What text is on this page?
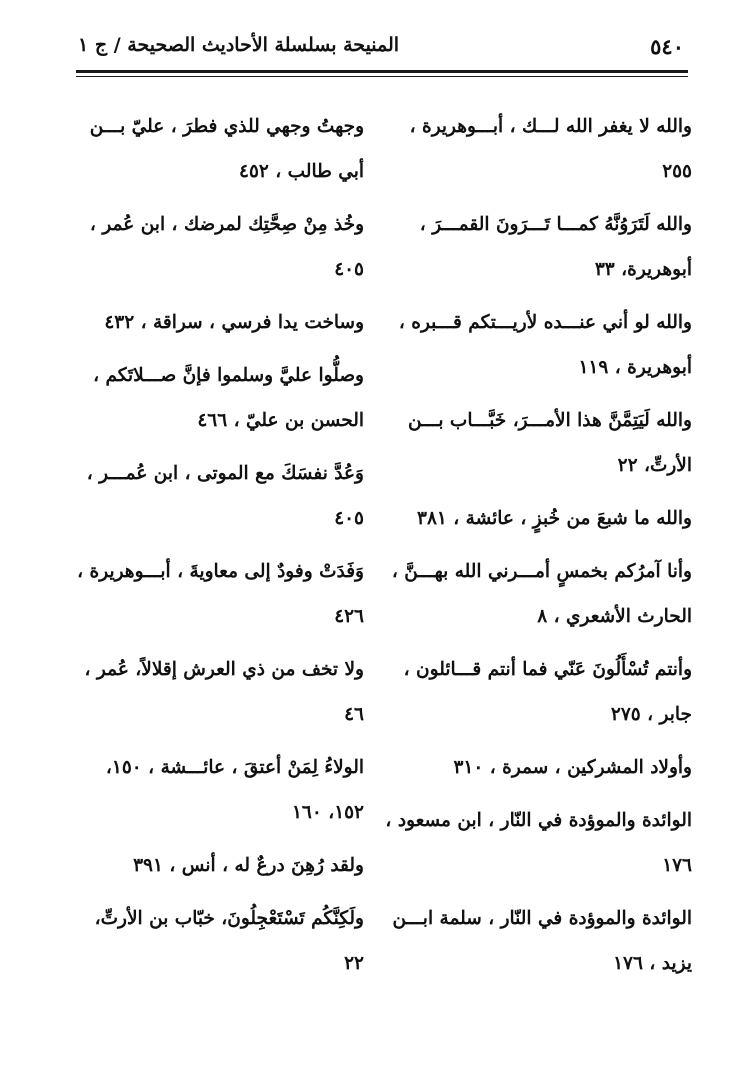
٥٤٠
المنيحة بسلسلة الأحاديث الصحيحة / ج ١
والله لا يغفر الله لـــك ، أبـــوهريرة ،
٢٥٥
والله لَتَرَوُنَّهُ كمـــا تَـــرَونَ القمـــرَ ،
أبوهريرة، ٣٣
والله لو أني عنـــده لأريـــتكم قـــبره ،
أبوهريرة ، ١١٩
والله لَيَتِمَّنَّ هذا الأمـــرَ، خَبَّـــاب بـــن
الأرتِّ، ٢٢
والله ما شبعَ من خُبزٍ ، عائشة ، ٣٨١
وأنا آمرُكم بخمسٍ أمـــرني الله بهـــنَّ ،
الحارث الأشعري ، ٨
وأنتم تُسْأَلُونَ عَنّي فما أنتم قـــائلون ،
جابر ، ٢٧٥
وأولاد المشركين ، سمرة ، ٣١٠
الوائدة والموؤدة في النّار ، ابن مسعود ،
١٧٦
الوائدة والموؤدة في النّار ، سلمة ابـــن
يزيد ، ١٧٦
وجهتُ وجهي للذي فطرَ ، عليّ بـــن
أبي طالب ، ٤٥٢
وخُذ مِنْ صِحَّتِك لمرضك ، ابن عُمر ،
٤٠٥
وساخت يدا فرسي ، سراقة ، ٤٣٢
وصلُّوا عليَّ وسلموا فإنَّ صـــلاتَكم ،
الحسن بن عليّ ، ٤٦٦
وَعُدَّ نفسَكَ مع الموتى ، ابن عُمـــر ،
٤٠٥
وَفَدَتْ وفودٌ إلى معاويةَ ، أبـــوهريرة ،
٤٢٦
ولا تخف من ذي العرش إقلالاً، عُمر ،
٤٦
الولاءُ لِمَنْ أعتقَ ، عائـــشة ، ١٥٠،
١٥٢، ١٦٠
ولقد رُهِنَ درعٌ له ، أنس ، ٣٩١
ولَكِنَّكُم تَسْتَعْجِلُونَ، خبّاب بن الأرتِّ،
٢٢
